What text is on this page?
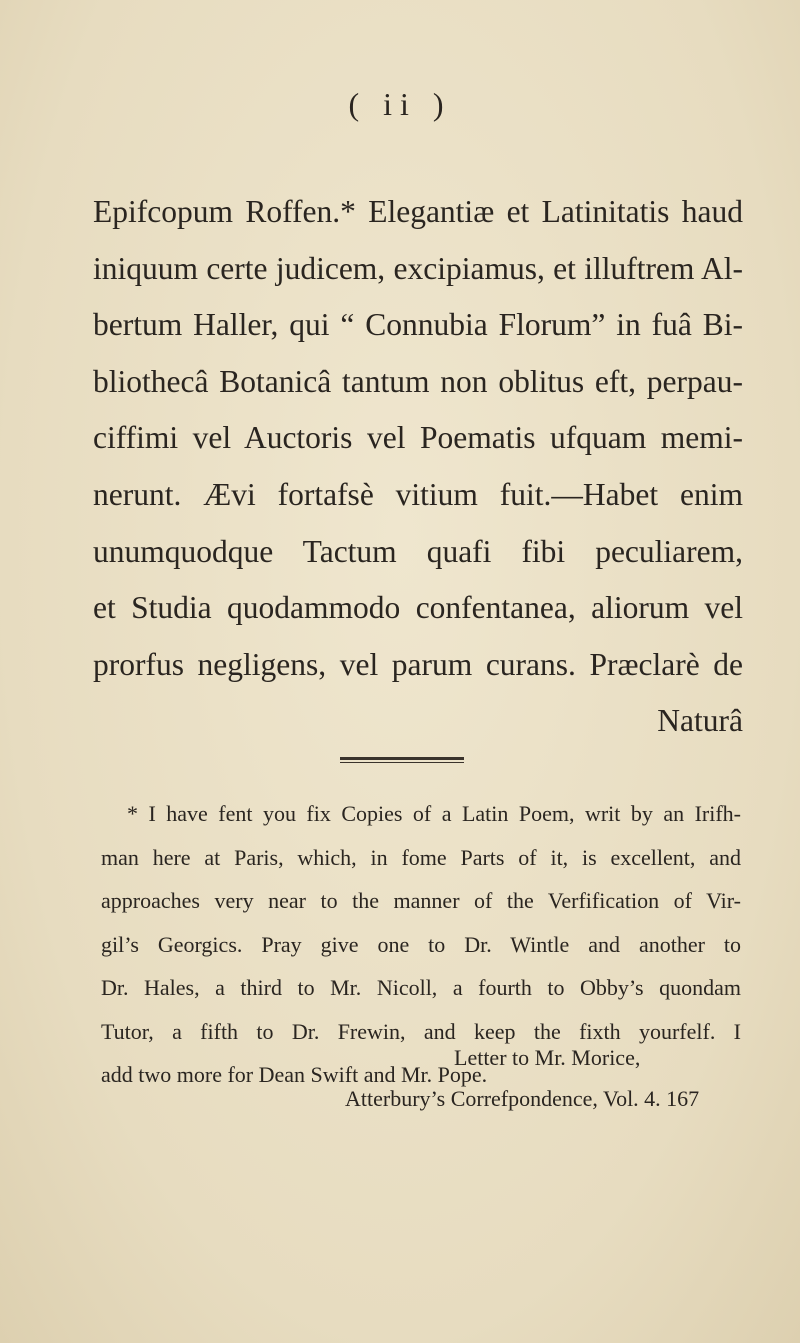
( ii )
Epifcopum Roffen.* Elegantiæ et Latinitatis haud
iniquum certe judicem, excipiamus, et illuftrem Al-
bertum Haller, qui “ Connubia Florum” in fuâ Bi-
bliothecâ Botanicâ tantum non oblitus eft, perpau-
ciffimi vel Auctoris vel Poematis ufquam memi-
nerunt. Ævi fortafsè vitium fuit.—Habet enim
unumquodque Tactum quafi fibi peculiarem,
et Studia quodammodo confentanea, aliorum vel
prorfus negligens, vel parum curans. Præclarè de
Naturâ
* I have fent you fix Copies of a Latin Poem, writ by an Irifh-
man here at Paris, which, in fome Parts of it, is excellent, and
approaches very near to the manner of the Verfification of Vir-
gil’s Georgics. Pray give one to Dr. Wintle and another to
Dr. Hales, a third to Mr. Nicoll, a fourth to Obby’s quondam
Tutor, a fifth to Dr. Frewin, and keep the fixth yourfelf. I
add two more for Dean Swift and Mr. Pope.
Letter to Mr. Morice,
Atterbury’s Correfpondence, Vol. 4. 167
